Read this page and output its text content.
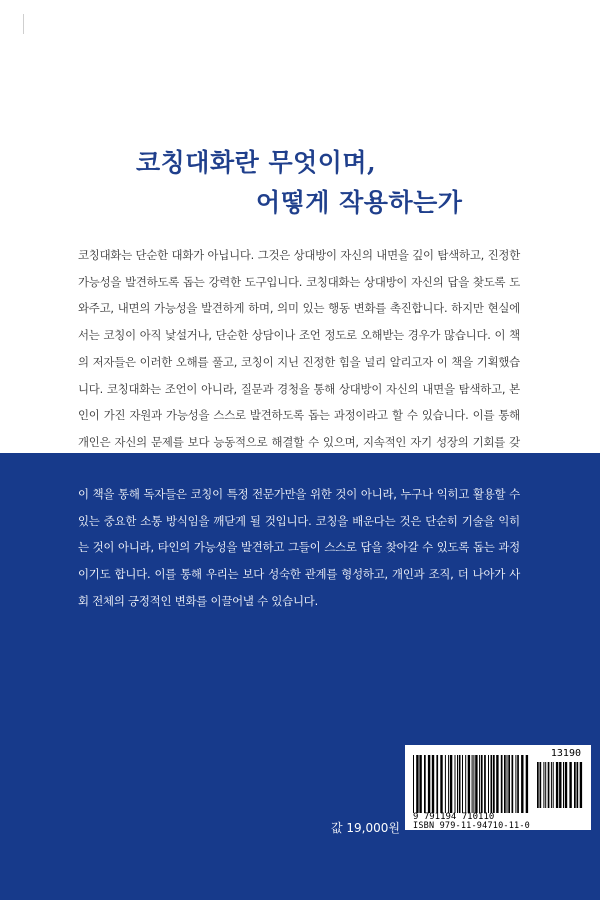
코칭대화란 무엇이며,
어떻게 작용하는가
코칭대화는 단순한 대화가 아닙니다. 그것은 상대방이 자신의 내면을 깊이 탐색하고, 진정한 가능성을 발견하도록 돕는 강력한 도구입니다. 코칭대화는 상대방이 자신의 답을 찾도록 도와주고, 내면의 가능성을 발견하게 하며, 의미 있는 행동 변화를 촉진합니다. 하지만 현실에서는 코칭이 아직 낯설거나, 단순한 상담이나 조언 정도로 오해받는 경우가 많습니다. 이 책의 저자들은 이러한 오해를 풀고, 코칭이 지닌 진정한 힘을 널리 알리고자 이 책을 기획했습니다. 코칭대화는 조언이 아니라, 질문과 경청을 통해 상대방이 자신의 내면을 탐색하고, 본인이 가진 자원과 가능성을 스스로 발견하도록 돕는 과정이라고 할 수 있습니다. 이를 통해 개인은 자신의 문제를 보다 능동적으로 해결할 수 있으며, 지속적인 자기 성장의 기회를 갖
이 책을 통해 독자들은 코칭이 특정 전문가만을 위한 것이 아니라, 누구나 익히고 활용할 수 있는 중요한 소통 방식임을 깨닫게 될 것입니다. 코칭을 배운다는 것은 단순히 기술을 익히는 것이 아니라, 타인의 가능성을 발견하고 그들이 스스로 답을 찾아갈 수 있도록 돕는 과정이기도 합니다. 이를 통해 우리는 보다 성숙한 관계를 형성하고, 개인과 조직, 더 나아가 사회 전체의 긍정적인 변화를 이끌어낼 수 있습니다.
13190
9 791194 710110
ISBN 979-11-94710-11-0
값 19,000원
